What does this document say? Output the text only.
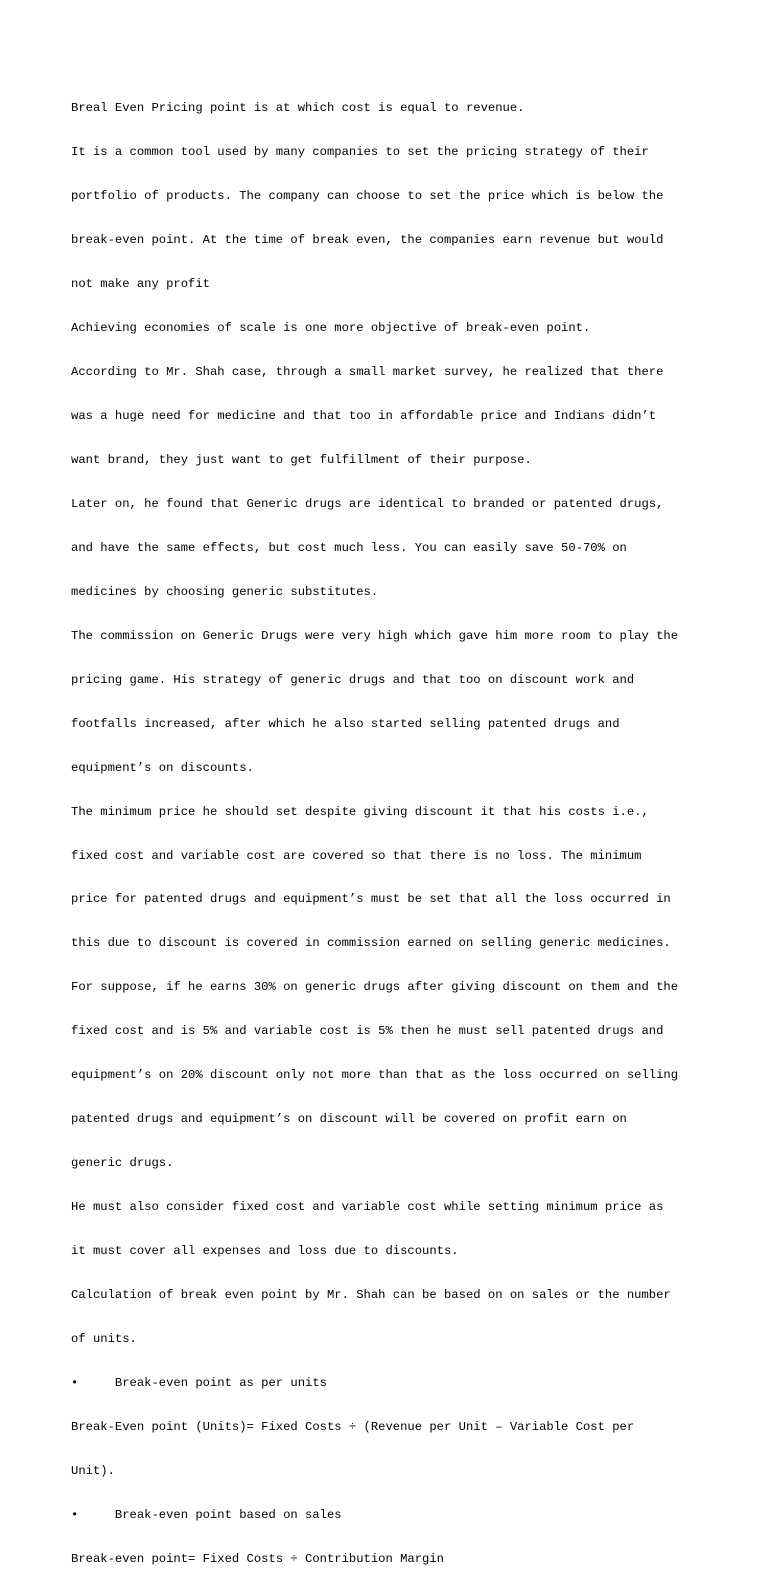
Breal Even Pricing point is at which cost is equal to revenue.

It is a common tool used by many companies to set the pricing strategy of their

portfolio of products. The company can choose to set the price which is below the

break-even point. At the time of break even, the companies earn revenue but would

not make any profit

Achieving economies of scale is one more objective of break-even point.

According to Mr. Shah case, through a small market survey, he realized that there

was a huge need for medicine and that too in affordable price and Indians didn’t

want brand, they just want to get fulfillment of their purpose.

Later on, he found that Generic drugs are identical to branded or patented drugs,

and have the same effects, but cost much less. You can easily save 50-70% on

medicines by choosing generic substitutes.

The commission on Generic Drugs were very high which gave him more room to play the

pricing game. His strategy of generic drugs and that too on discount work and

footfalls increased, after which he also started selling patented drugs and

equipment’s on discounts.

The minimum price he should set despite giving discount it that his costs i.e.,

fixed cost and variable cost are covered so that there is no loss. The minimum

price for patented drugs and equipment’s must be set that all the loss occurred in

this due to discount is covered in commission earned on selling generic medicines.

For suppose, if he earns 30% on generic drugs after giving discount on them and the

fixed cost and is 5% and variable cost is 5% then he must sell patented drugs and

equipment’s on 20% discount only not more than that as the loss occurred on selling

patented drugs and equipment’s on discount will be covered on profit earn on

generic drugs.

He must also consider fixed cost and variable cost while setting minimum price as

it must cover all expenses and loss due to discounts.

Calculation of break even point by Mr. Shah can be based on on sales or the number

of units.

•     Break-even point as per units

Break-Even point (Units)= Fixed Costs ÷ (Revenue per Unit – Variable Cost per

Unit).

•     Break-even point based on sales

Break-even point= Fixed Costs ÷ Contribution Margin
